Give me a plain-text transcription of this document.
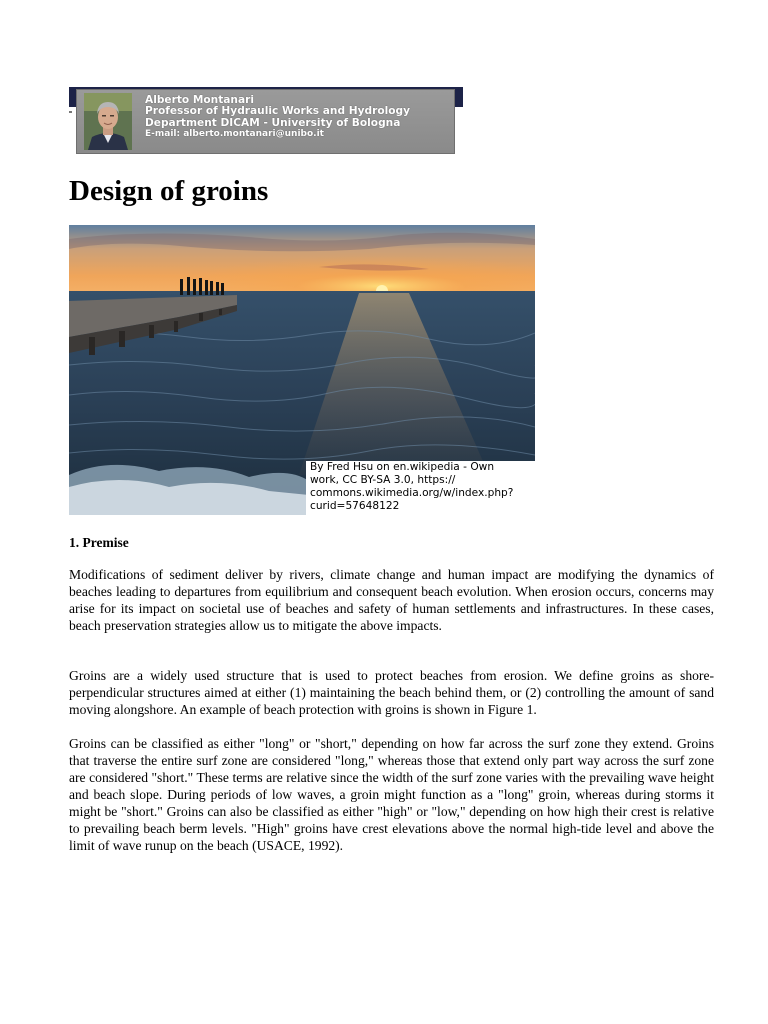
Alberto Montanari
Professor of Hydraulic Works and Hydrology
Department DICAM - University of Bologna
E-mail: alberto.montanari@unibo.it
Design of groins
By Fred Hsu on en.wikipedia - Own
work, CC BY-SA 3.0, https://
commons.wikimedia.org/w/index.php?
curid=57648122
1. Premise

Modifications of sediment deliver by rivers, climate change and human impact are modifying the dynamics of beaches leading to departures from equilibrium and consequent beach evolution. When erosion occurs, concerns may arise for its impact on societal use of beaches and safety of human settlements and infrastructures. In these cases, beach preservation strategies allow us to mitigate the above impacts.

Groins are a widely used structure that is used to protect beaches from erosion. We define groins as shore-perpendicular structures aimed at either (1) maintaining the beach behind them, or (2) controlling the amount of sand moving alongshore. An example of beach protection with groins is shown in Figure 1.

Groins can be classified as either "long" or "short," depending on how far across the surf zone they extend. Groins that traverse the entire surf zone are considered "long," whereas those that extend only part way across the surf zone are considered "short." These terms are relative since the width of the surf zone varies with the prevailing wave height and beach slope. During periods of low waves, a groin might function as a "long" groin, whereas during storms it might be "short." Groins can also be classified as either "high" or "low," depending on how high their crest is relative to prevailing beach berm levels. "High" groins have crest elevations above the normal high-tide level and above the limit of wave runup on the beach (USACE, 1992).
